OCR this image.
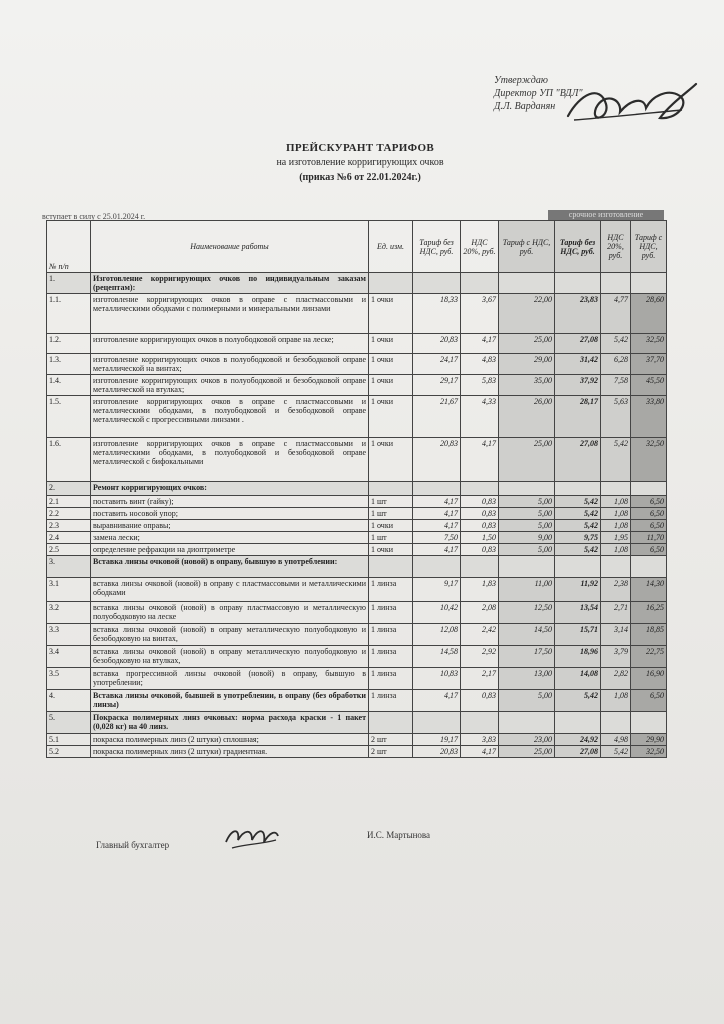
Утверждаю
Директор УП "ВДЛ"
Д.Л. Варданян
ПРЕЙСКУРАНТ ТАРИФОВ
на изготовление корригирующих очков
(приказ №6 от 22.01.2024г.)
вступает в силу с 25.01.2024 г.	срочное изготовление
№ п/п	Наименование работы	Ед. изм.	Тариф без НДС, руб.	НДС 20%, руб.	Тариф с НДС, руб.	Тариф без НДС, руб.	НДС 20%, руб.	Тариф с НДС, руб.
1.	Изготовление корригирующих очков по индивидуальным заказам (рецептам):							
1.1.	изготовление корригирующих очков в оправе с пластмассовыми и металлическими ободками с полимерными и минеральными линзами	1 очки	18,33	3,67	22,00	23,83	4,77	28,60
1.2.	изготовление корригирующих очков в полуободковой оправе на леске;	1 очки	20,83	4,17	25,00	27,08	5,42	32,50
1.3.	изготовление корригирующих очков в полуободковой и безободковой оправе металлической на винтах;	1 очки	24,17	4,83	29,00	31,42	6,28	37,70
1.4.	изготовление корригирующих очков в полуободковой и безободковой оправе металлической на втулках;	1 очки	29,17	5,83	35,00	37,92	7,58	45,50
1.5.	изготовление корригирующих очков в оправе с пластмассовыми и металлическими ободками, в полуободковой и безободковой оправе металлической с прогрессивными линзами .	1 очки	21,67	4,33	26,00	28,17	5,63	33,80
1.6.	изготовление корригирующих очков в оправе с пластмассовыми и металлическими ободками, в полуободковой и безободковой оправе металлической с бифокальными	1 очки	20,83	4,17	25,00	27,08	5,42	32,50
2.	Ремонт корригирующих очков:							
2.1	поставить винт (гайку);	1 шт	4,17	0,83	5,00	5,42	1,08	6,50
2.2	поставить носовой упор;	1 шт	4,17	0,83	5,00	5,42	1,08	6,50
2.3	выравнивание оправы;	1 очки	4,17	0,83	5,00	5,42	1,08	6,50
2.4	замена лески;	1 шт	7,50	1,50	9,00	9,75	1,95	11,70
2.5	определение рефракции на диоптриметре	1 очки	4,17	0,83	5,00	5,42	1,08	6,50
3.	Вставка линзы очковой (новой) в оправу, бывшую в употреблении:							
3.1	вставка линзы очковой (новой) в оправу с пластмассовыми и металлическими ободками	1 линза	9,17	1,83	11,00	11,92	2,38	14,30
3.2	вставка линзы очковой (новой) в оправу пластмассовую и металлическую полуободковую на леске	1 линза	10,42	2,08	12,50	13,54	2,71	16,25
3.3	вставка линзы очковой (новой) в оправу металлическую полуободковую и безободковую на винтах,	1 линза	12,08	2,42	14,50	15,71	3,14	18,85
3.4	вставка линзы очковой (новой) в оправу металлическую полуободковую и безободковую на втулках,	1 линза	14,58	2,92	17,50	18,96	3,79	22,75
3.5	вставка прогрессивной линзы очковой (новой) в оправу, бывшую в употреблении;	1 линза	10,83	2,17	13,00	14,08	2,82	16,90
4.	Вставка линзы очковой, бывшей в употреблении, в оправу (без обработки линзы)	1 линза	4,17	0,83	5,00	5,42	1,08	6,50
5.	Покраска полимерных линз очковых: норма расхода краски - 1 пакет (0,028 кг) на 40 линз.							
5.1	покраска полимерных линз (2 штуки) сплошная;	2 шт	19,17	3,83	23,00	24,92	4,98	29,90
5.2	покраска полимерных линз (2 штуки) градиентная.	2 шт	20,83	4,17	25,00	27,08	5,42	32,50
Главный бухгалтер
И.С. Мартынова
